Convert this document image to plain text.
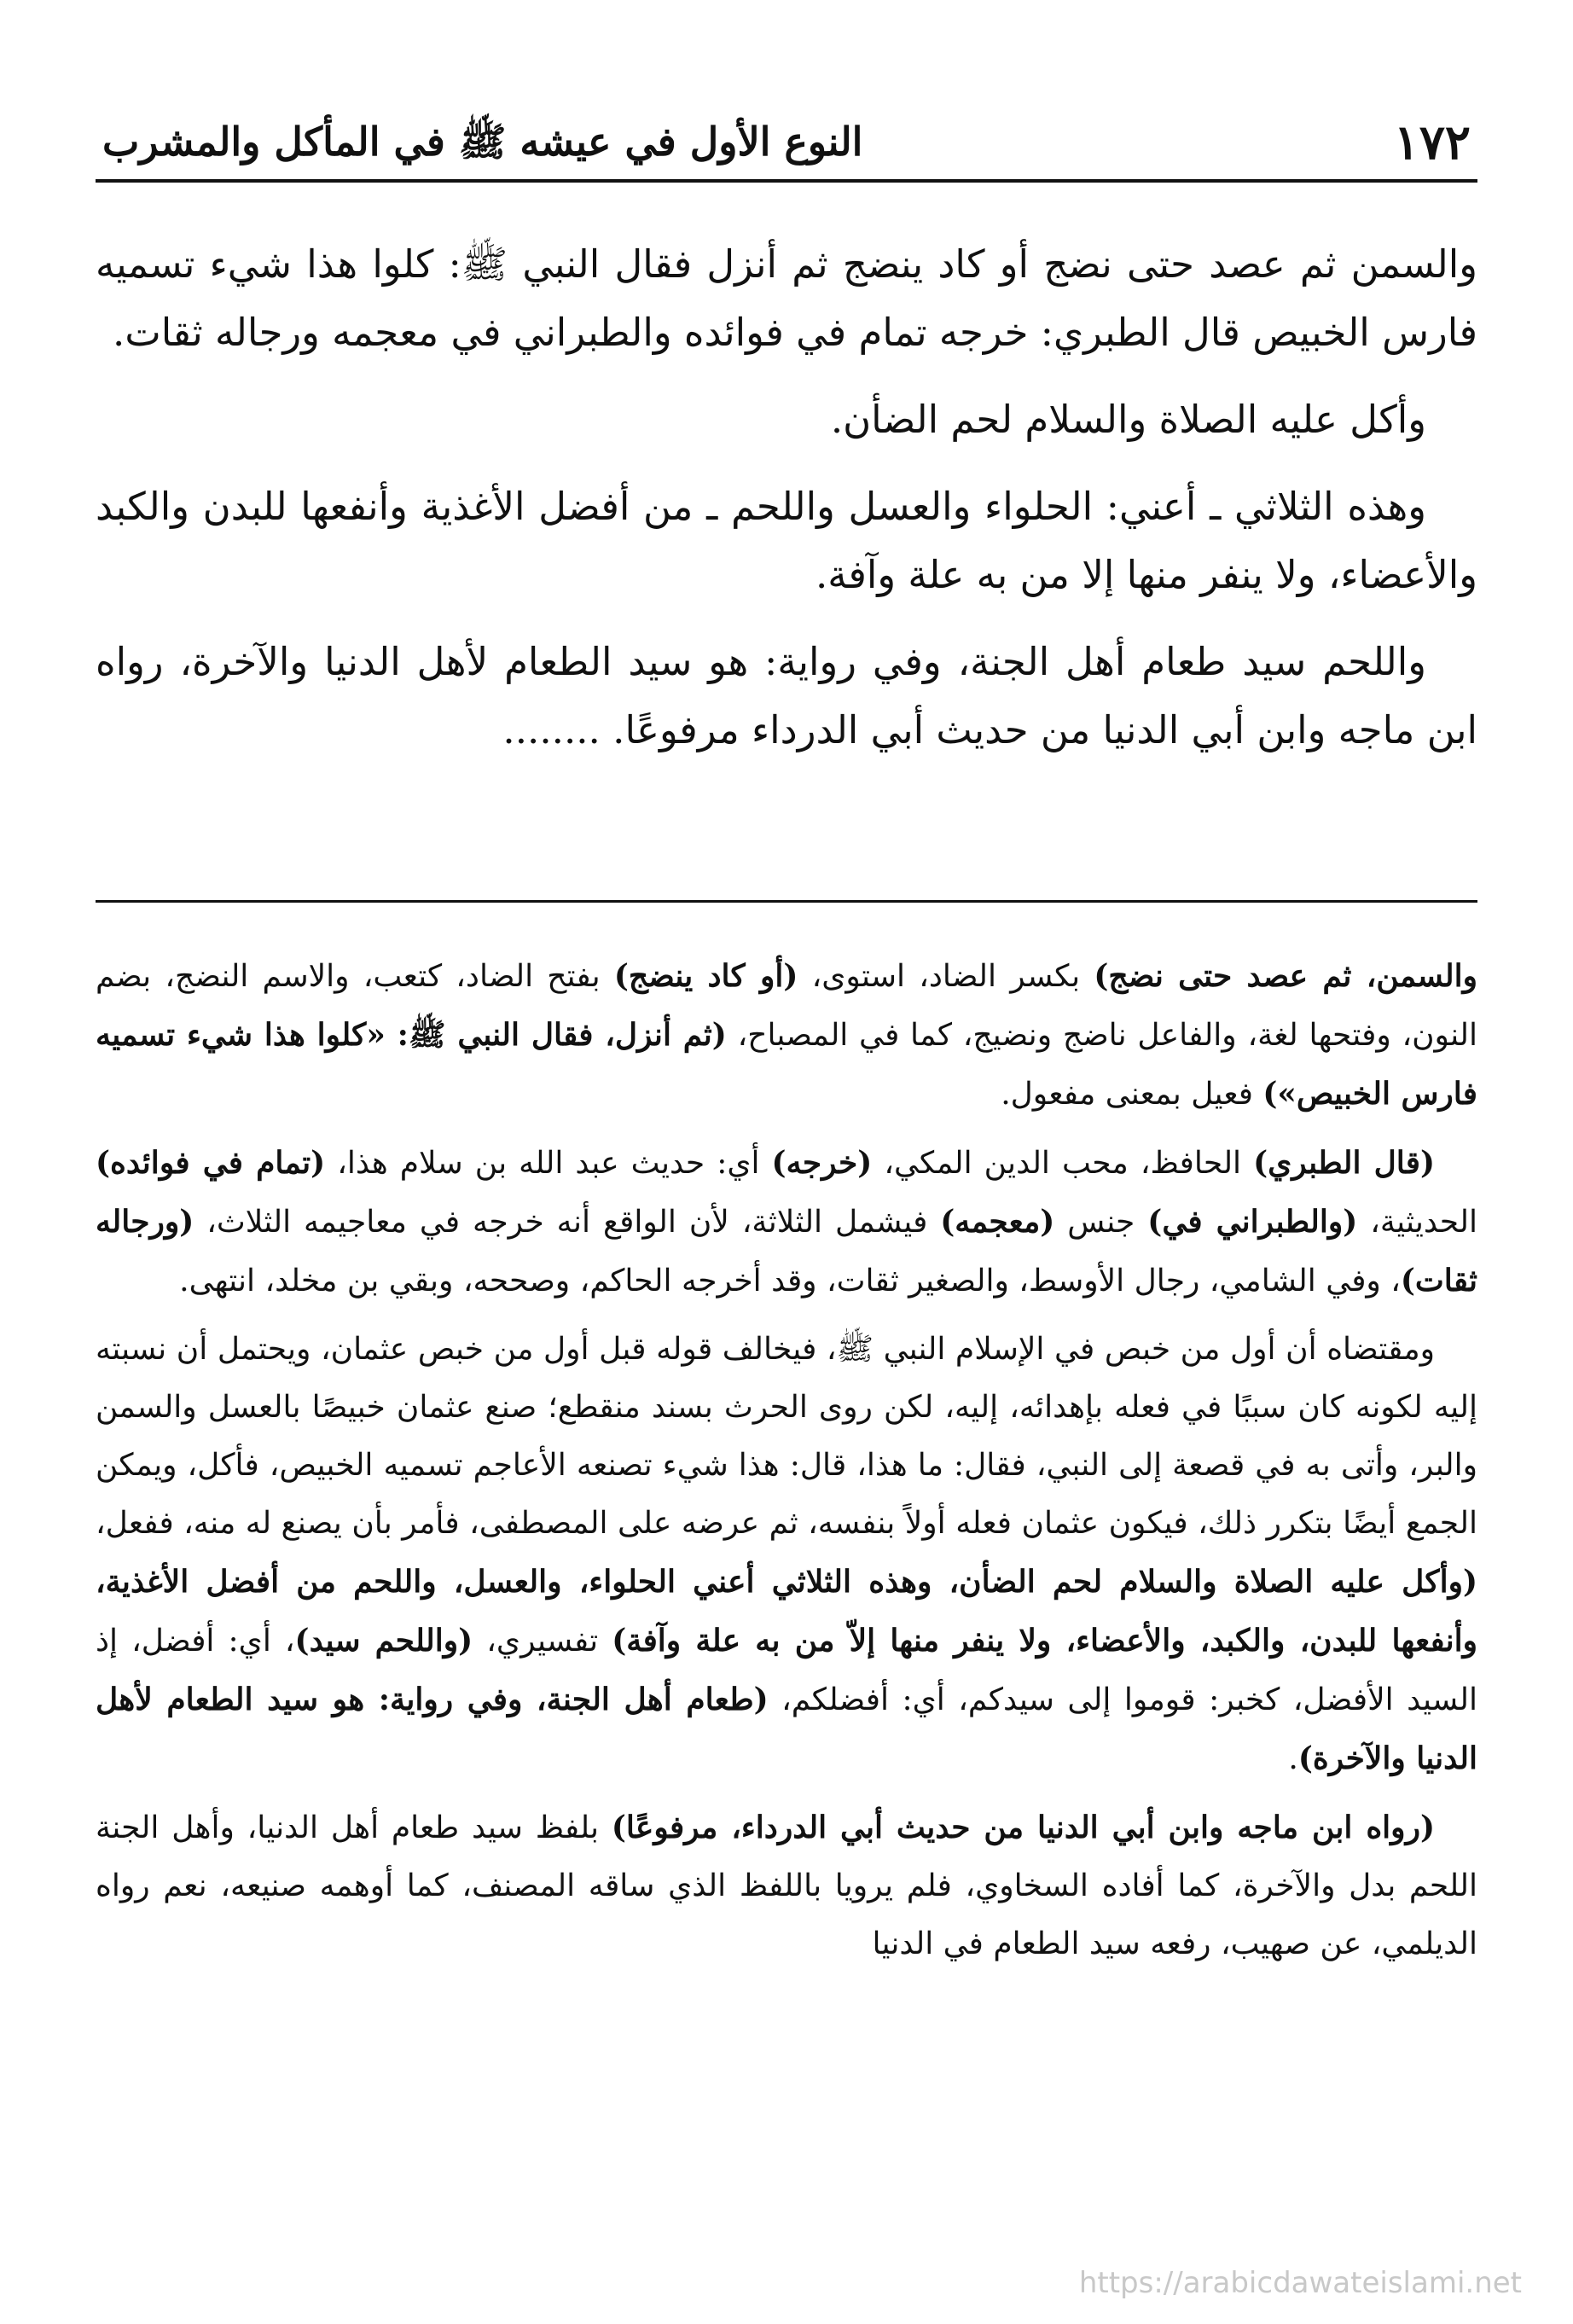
١٧٢
النوع الأول في عيشه ﷺ في المأكل والمشرب

والسمن ثم عصد حتى نضج أو كاد ينضج ثم أنزل فقال النبي ﷺ: كلوا هذا شيء تسميه فارس الخبيص قال الطبري: خرجه تمام في فوائده والطبراني في معجمه ورجاله ثقات.

وأكل عليه الصلاة والسلام لحم الضأن.

وهذه الثلاثي ـ أعني: الحلواء والعسل واللحم ـ من أفضل الأغذية وأنفعها للبدن والكبد والأعضاء، ولا ينفر منها إلا من به علة وآفة.

واللحم سيد طعام أهل الجنة، وفي رواية: هو سيد الطعام لأهل الدنيا والآخرة، رواه ابن ماجه وابن أبي الدنيا من حديث أبي الدرداء مرفوعًا. ........

والسمن، ثم عصد حتى نضج) بكسر الضاد، استوى، (أو كاد ينضج) بفتح الضاد، كتعب، والاسم النضج، بضم النون، وفتحها لغة، والفاعل ناضج ونضيج، كما في المصباح، (ثم أنزل، فقال النبي ﷺ: «كلوا هذا شيء تسميه فارس الخبيص») فعيل بمعنى مفعول.

(قال الطبري) الحافظ، محب الدين المكي، (خرجه) أي: حديث عبد الله بن سلام هذا، (تمام في فوائده) الحديثية، (والطبراني في) جنس (معجمه) فيشمل الثلاثة، لأن الواقع أنه خرجه في معاجيمه الثلاث، (ورجاله ثقات)، وفي الشامي، رجال الأوسط، والصغير ثقات، وقد أخرجه الحاكم، وصححه، وبقي بن مخلد، انتهى.

ومقتضاه أن أول من خبص في الإسلام النبي ﷺ، فيخالف قوله قبل أول من خبص عثمان، ويحتمل أن نسبته إليه لكونه كان سببًا في فعله بإهدائه، إليه، لكن روى الحرث بسند منقطع؛ صنع عثمان خبيصًا بالعسل والسمن والبر، وأتى به في قصعة إلى النبي، فقال: ما هذا، قال: هذا شيء تصنعه الأعاجم تسميه الخبيص، فأكل، ويمكن الجمع أيضًا بتكرر ذلك، فيكون عثمان فعله أولاً بنفسه، ثم عرضه على المصطفى، فأمر بأن يصنع له منه، ففعل، (وأكل عليه الصلاة والسلام لحم الضأن، وهذه الثلاثي أعني الحلواء، والعسل، واللحم من أفضل الأغذية، وأنفعها للبدن، والكبد، والأعضاء، ولا ينفر منها إلاّ من به علة وآفة) تفسيري، (واللحم سيد)، أي: أفضل، إذ السيد الأفضل، كخبر: قوموا إلى سيدكم، أي: أفضلكم، (طعام أهل الجنة، وفي رواية: هو سيد الطعام لأهل الدنيا والآخرة).

(رواه ابن ماجه وابن أبي الدنيا من حديث أبي الدرداء، مرفوعًا) بلفظ سيد طعام أهل الدنيا، وأهل الجنة اللحم بدل والآخرة، كما أفاده السخاوي، فلم يرويا باللفظ الذي ساقه المصنف، كما أوهمه صنيعه، نعم رواه الديلمي، عن صهيب، رفعه سيد الطعام في الدنيا

https://arabicdawateislami.net
